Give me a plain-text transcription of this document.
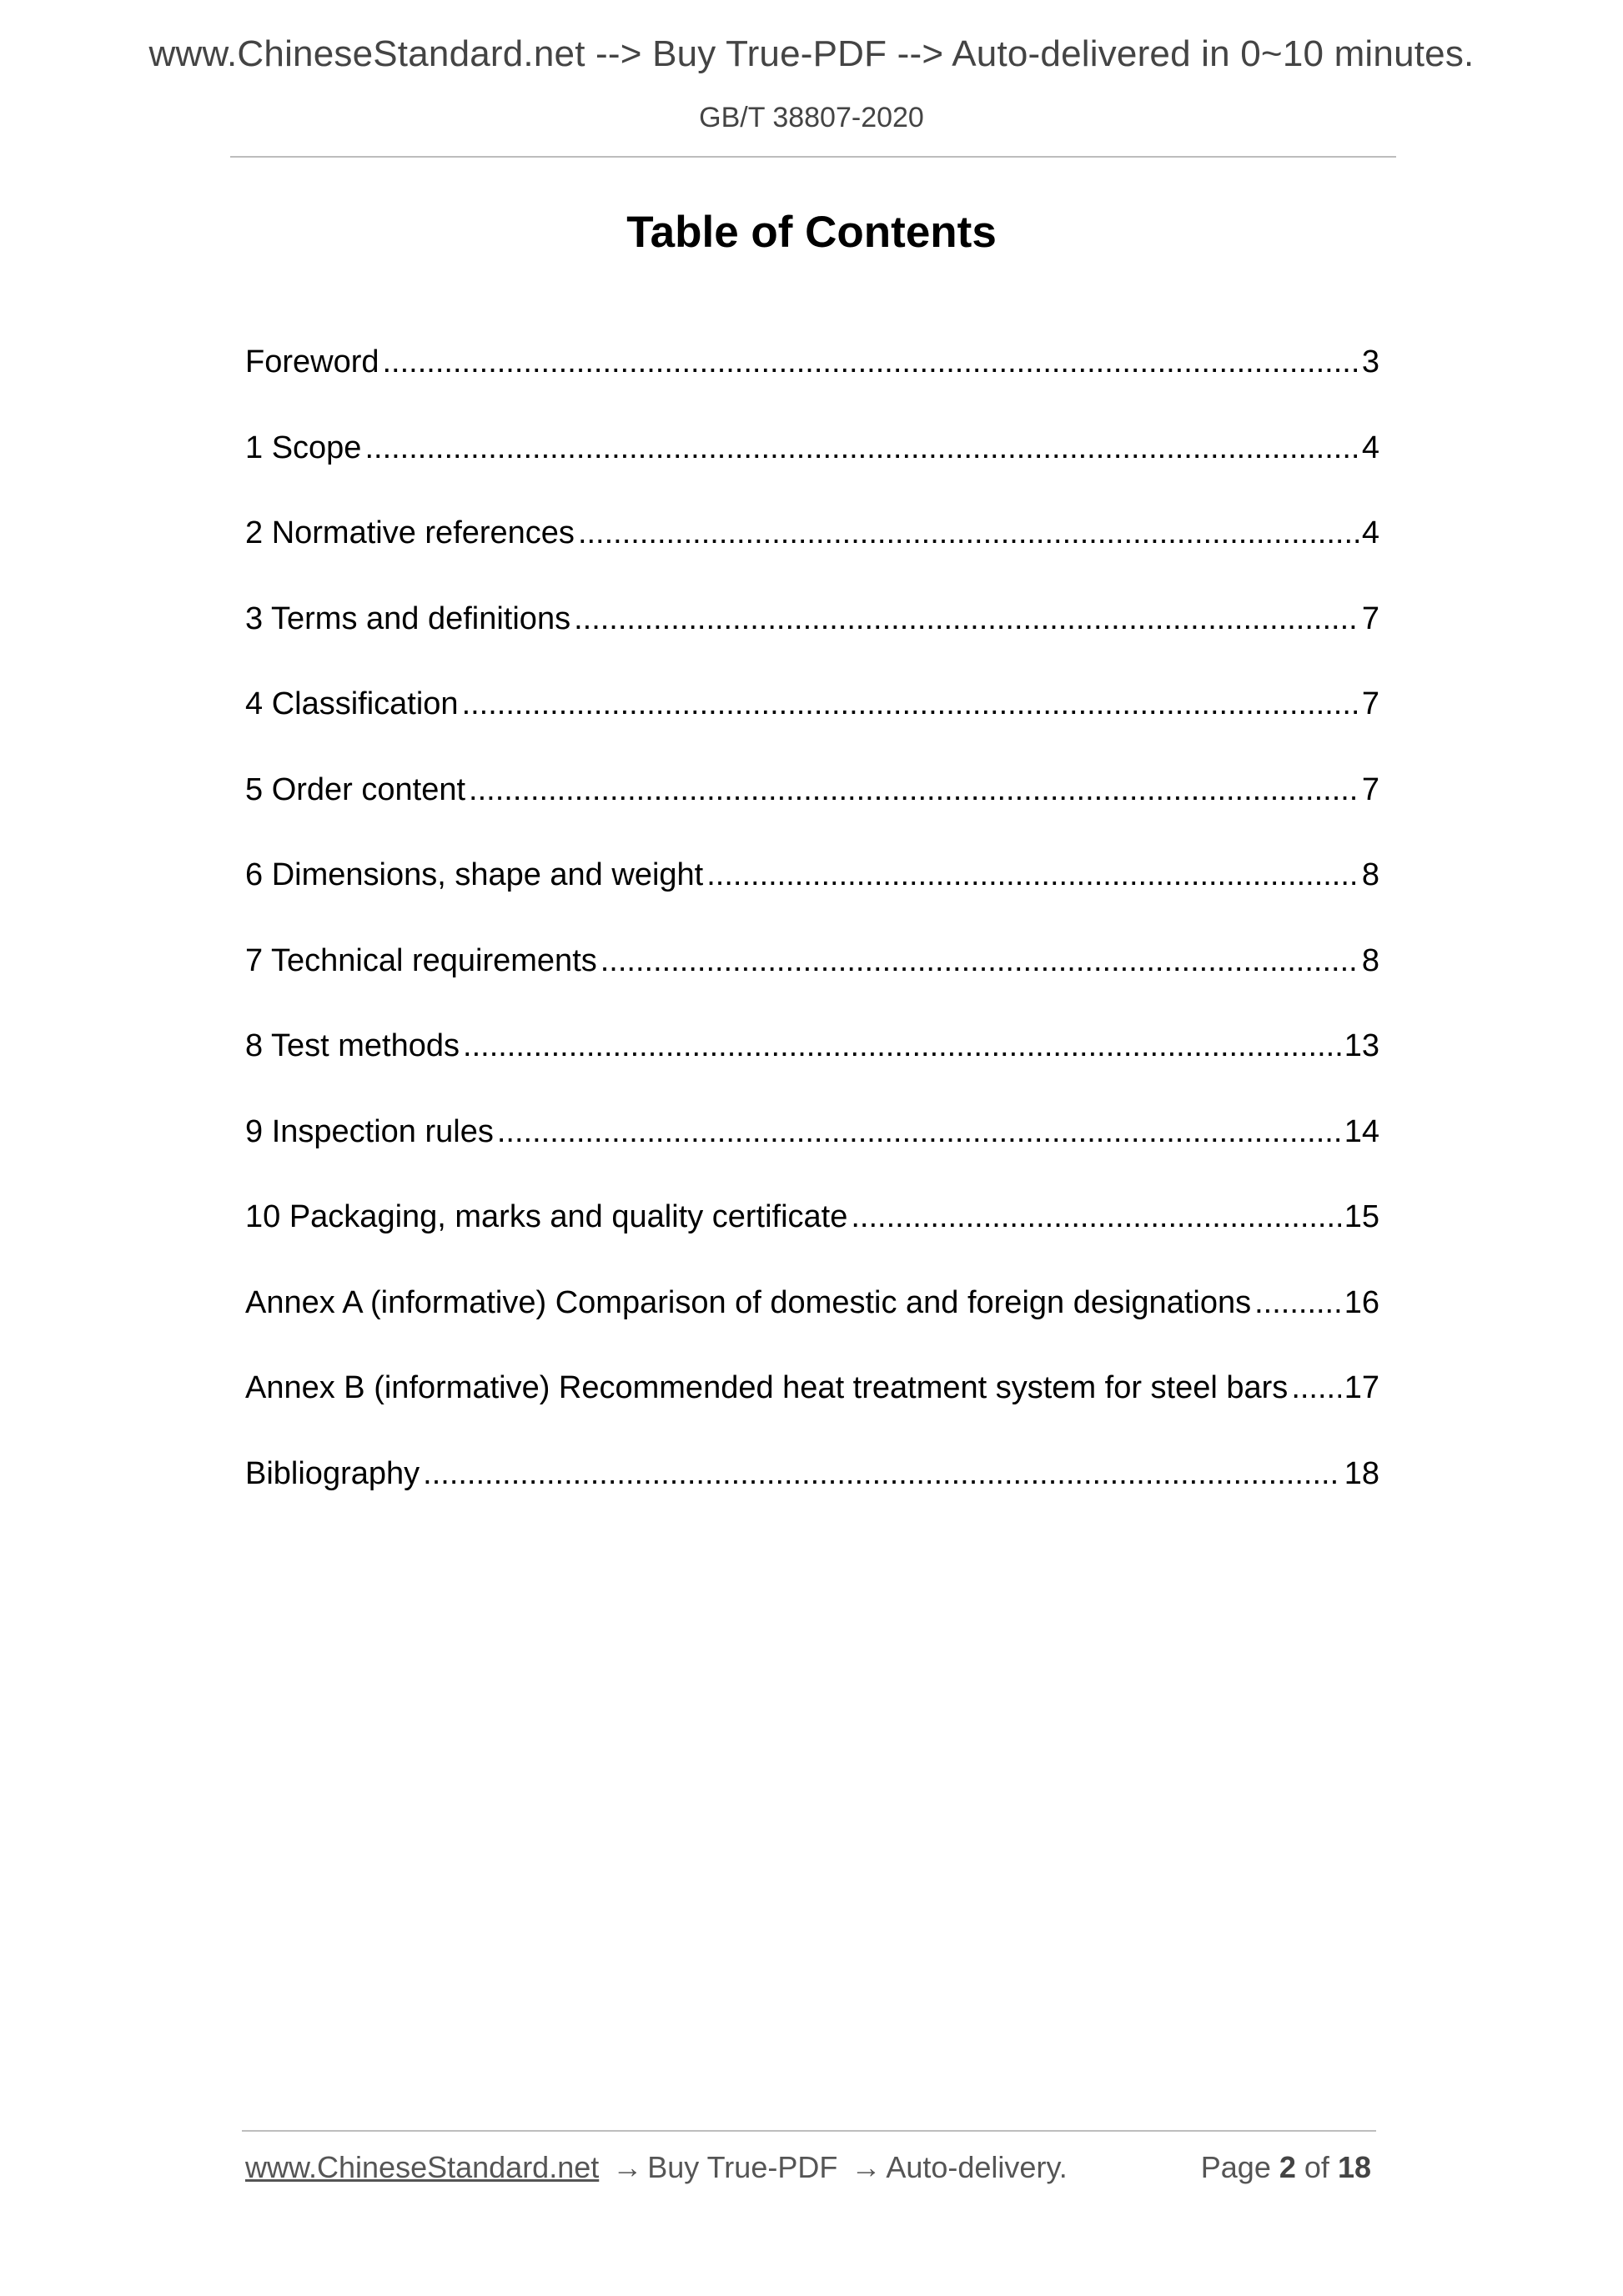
www.ChineseStandard.net --> Buy True-PDF --> Auto-delivered in 0~10 minutes.
GB/T 38807-2020
Table of Contents
Foreword .....	3
1 Scope .....	4
2 Normative references .....	4
3 Terms and definitions .....	7
4 Classification .....	7
5 Order content .....	7
6 Dimensions, shape and weight .....	8
7 Technical requirements .....	8
8 Test methods .....	13
9 Inspection rules .....	14
10 Packaging, marks and quality certificate .....	15
Annex A (informative) Comparison of domestic and foreign designations .....	16
Annex B (informative) Recommended heat treatment system for steel bars ..... 17
Bibliography .....	18
www.ChineseStandard.net → Buy True-PDF → Auto-delivery.	Page 2 of 18
